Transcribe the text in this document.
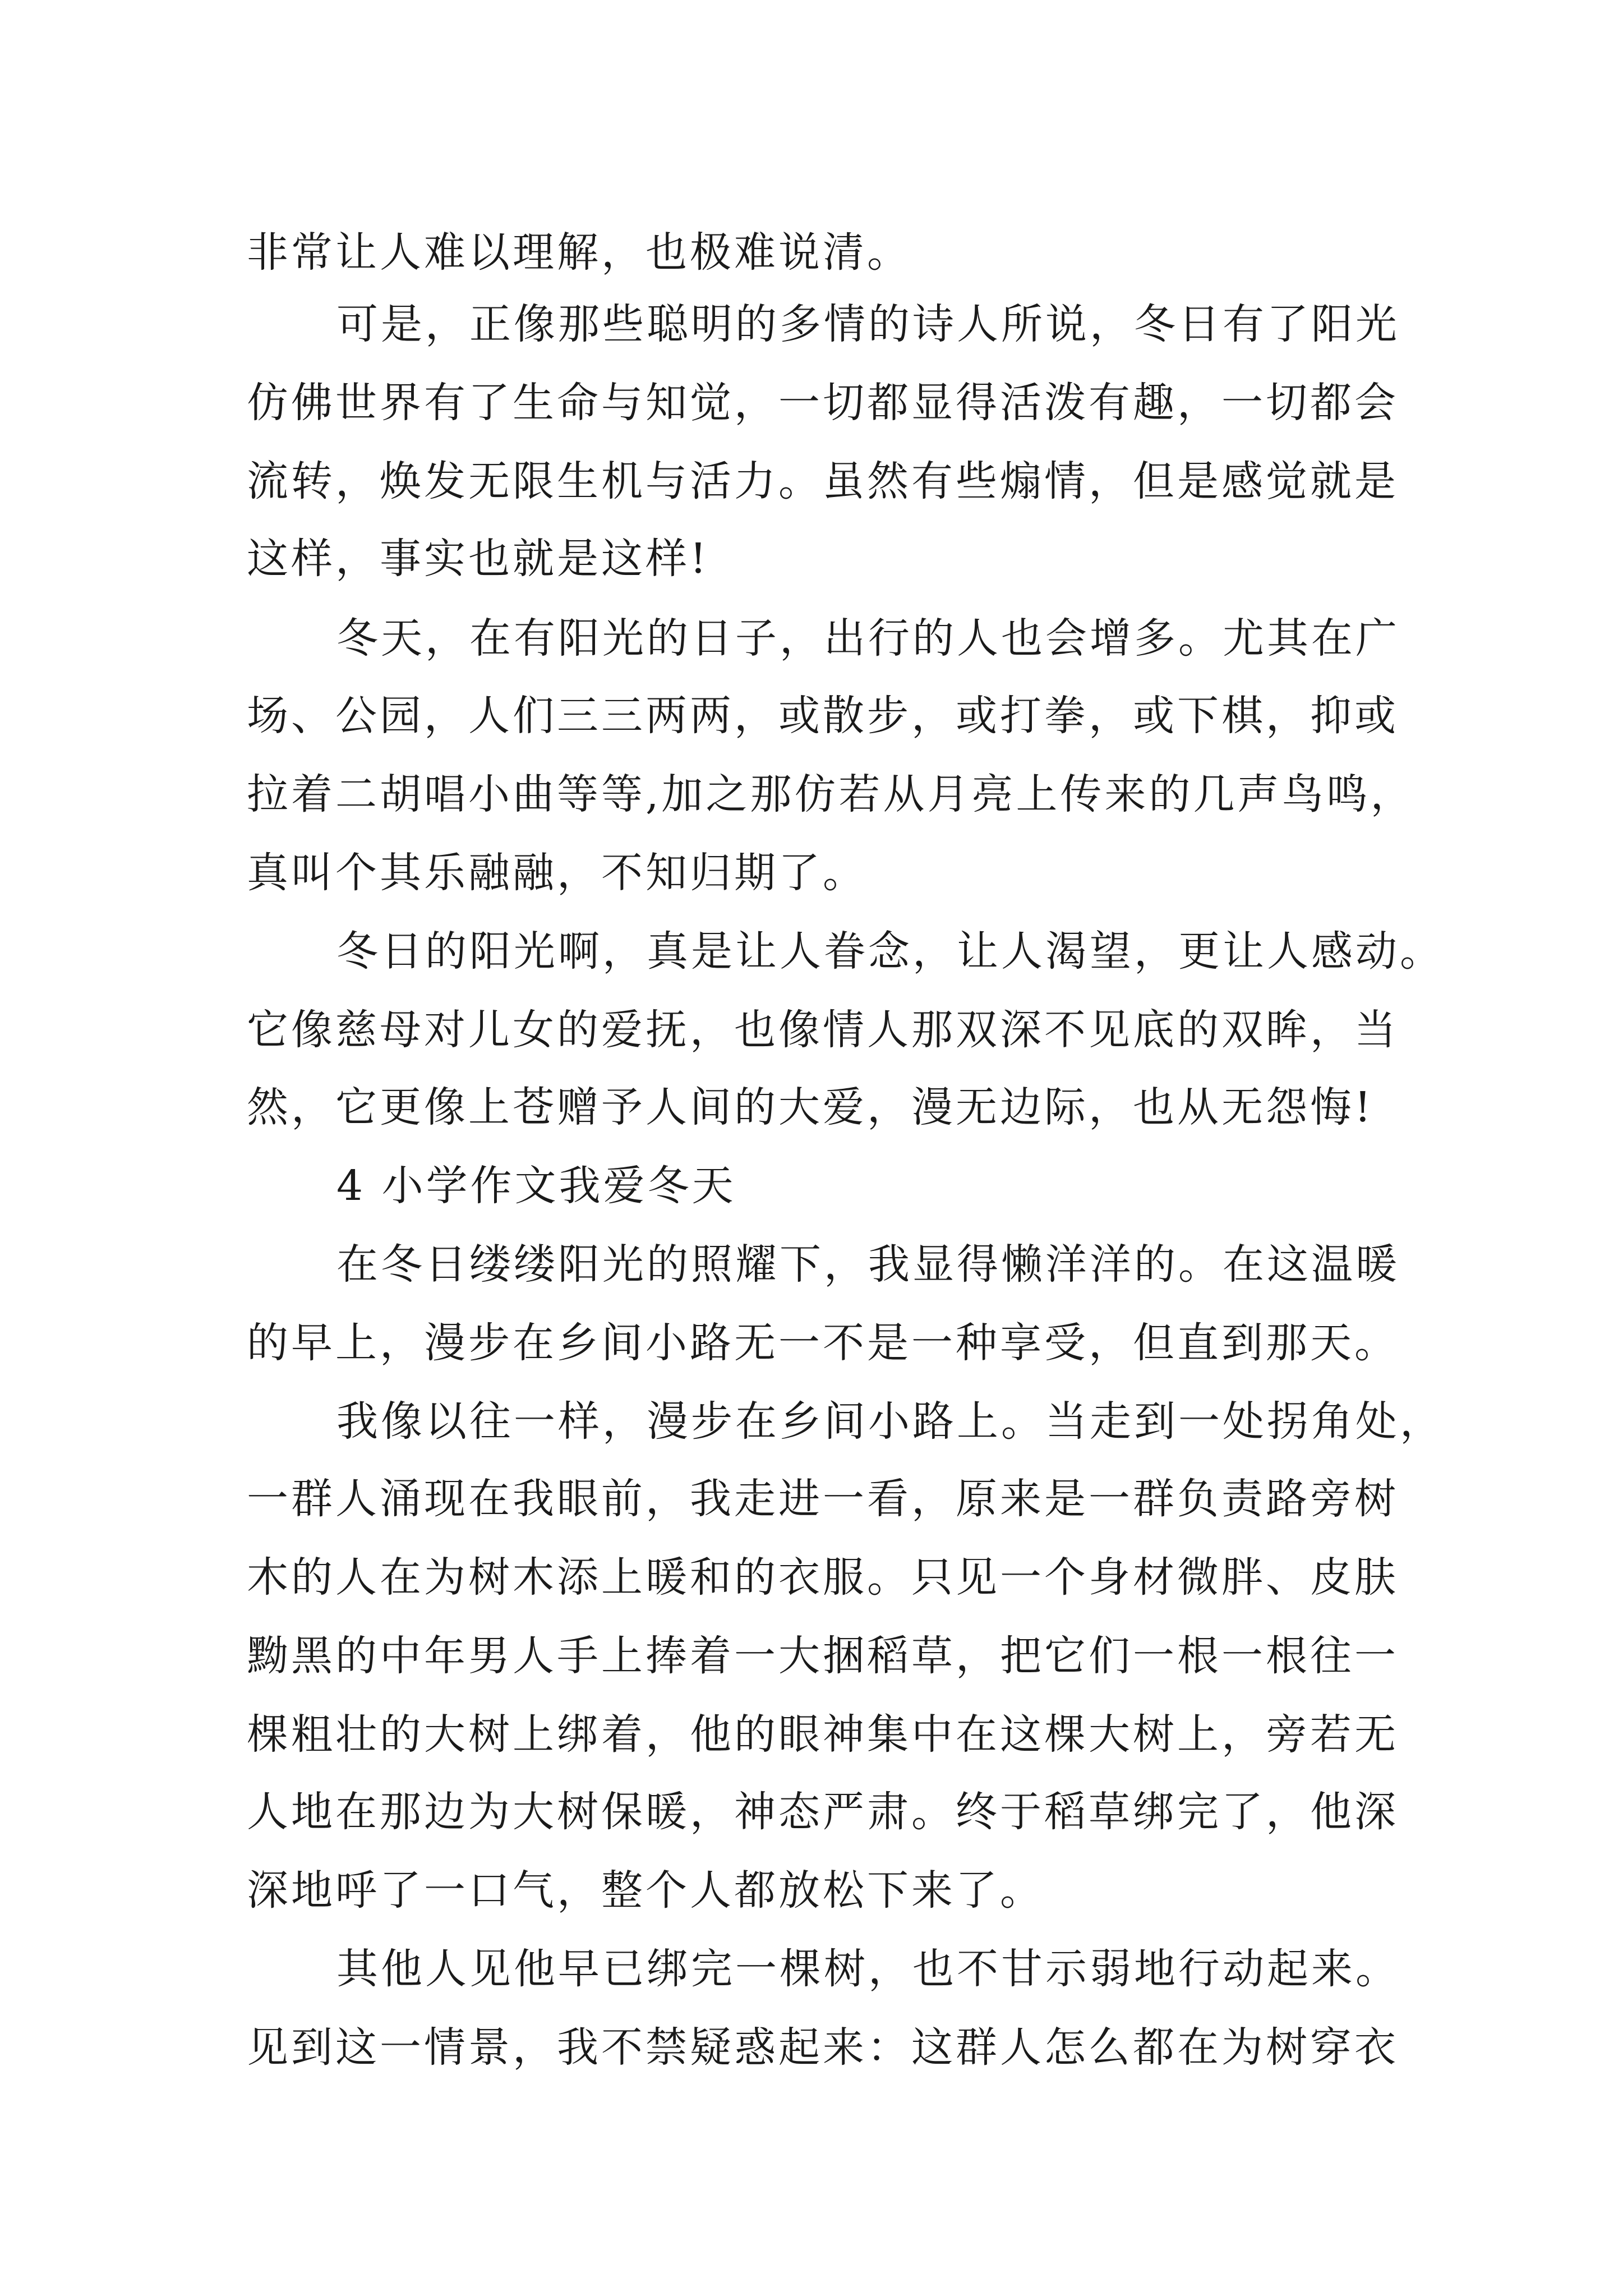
非常让人难以理解，也极难说清。
可是，正像那些聪明的多情的诗人所说，冬日有了阳光
仿佛世界有了生命与知觉，一切都显得活泼有趣，一切都会
流转，焕发无限生机与活力。虽然有些煽情，但是感觉就是
这样，事实也就是这样!
冬天，在有阳光的日子，出行的人也会增多。尤其在广
场、公园，人们三三两两，或散步，或打拳，或下棋，抑或
拉着二胡唱小曲等等,加之那仿若从月亮上传来的几声鸟鸣，
真叫个其乐融融，不知归期了。
冬日的阳光啊，真是让人眷念，让人渴望，更让人感动。
它像慈母对儿女的爱抚，也像情人那双深不见底的双眸，当
然，它更像上苍赠予人间的大爱，漫无边际，也从无怨悔!
4 小学作文我爱冬天
在冬日缕缕阳光的照耀下，我显得懒洋洋的。在这温暖
的早上，漫步在乡间小路无一不是一种享受，但直到那天。
我像以往一样，漫步在乡间小路上。当走到一处拐角处，
一群人涌现在我眼前，我走进一看，原来是一群负责路旁树
木的人在为树木添上暖和的衣服。只见一个身材微胖、皮肤
黝黑的中年男人手上捧着一大捆稻草，把它们一根一根往一
棵粗壮的大树上绑着，他的眼神集中在这棵大树上，旁若无
人地在那边为大树保暖，神态严肃。终于稻草绑完了，他深
深地呼了一口气，整个人都放松下来了。
其他人见他早已绑完一棵树，也不甘示弱地行动起来。
见到这一情景，我不禁疑惑起来：这群人怎么都在为树穿衣
